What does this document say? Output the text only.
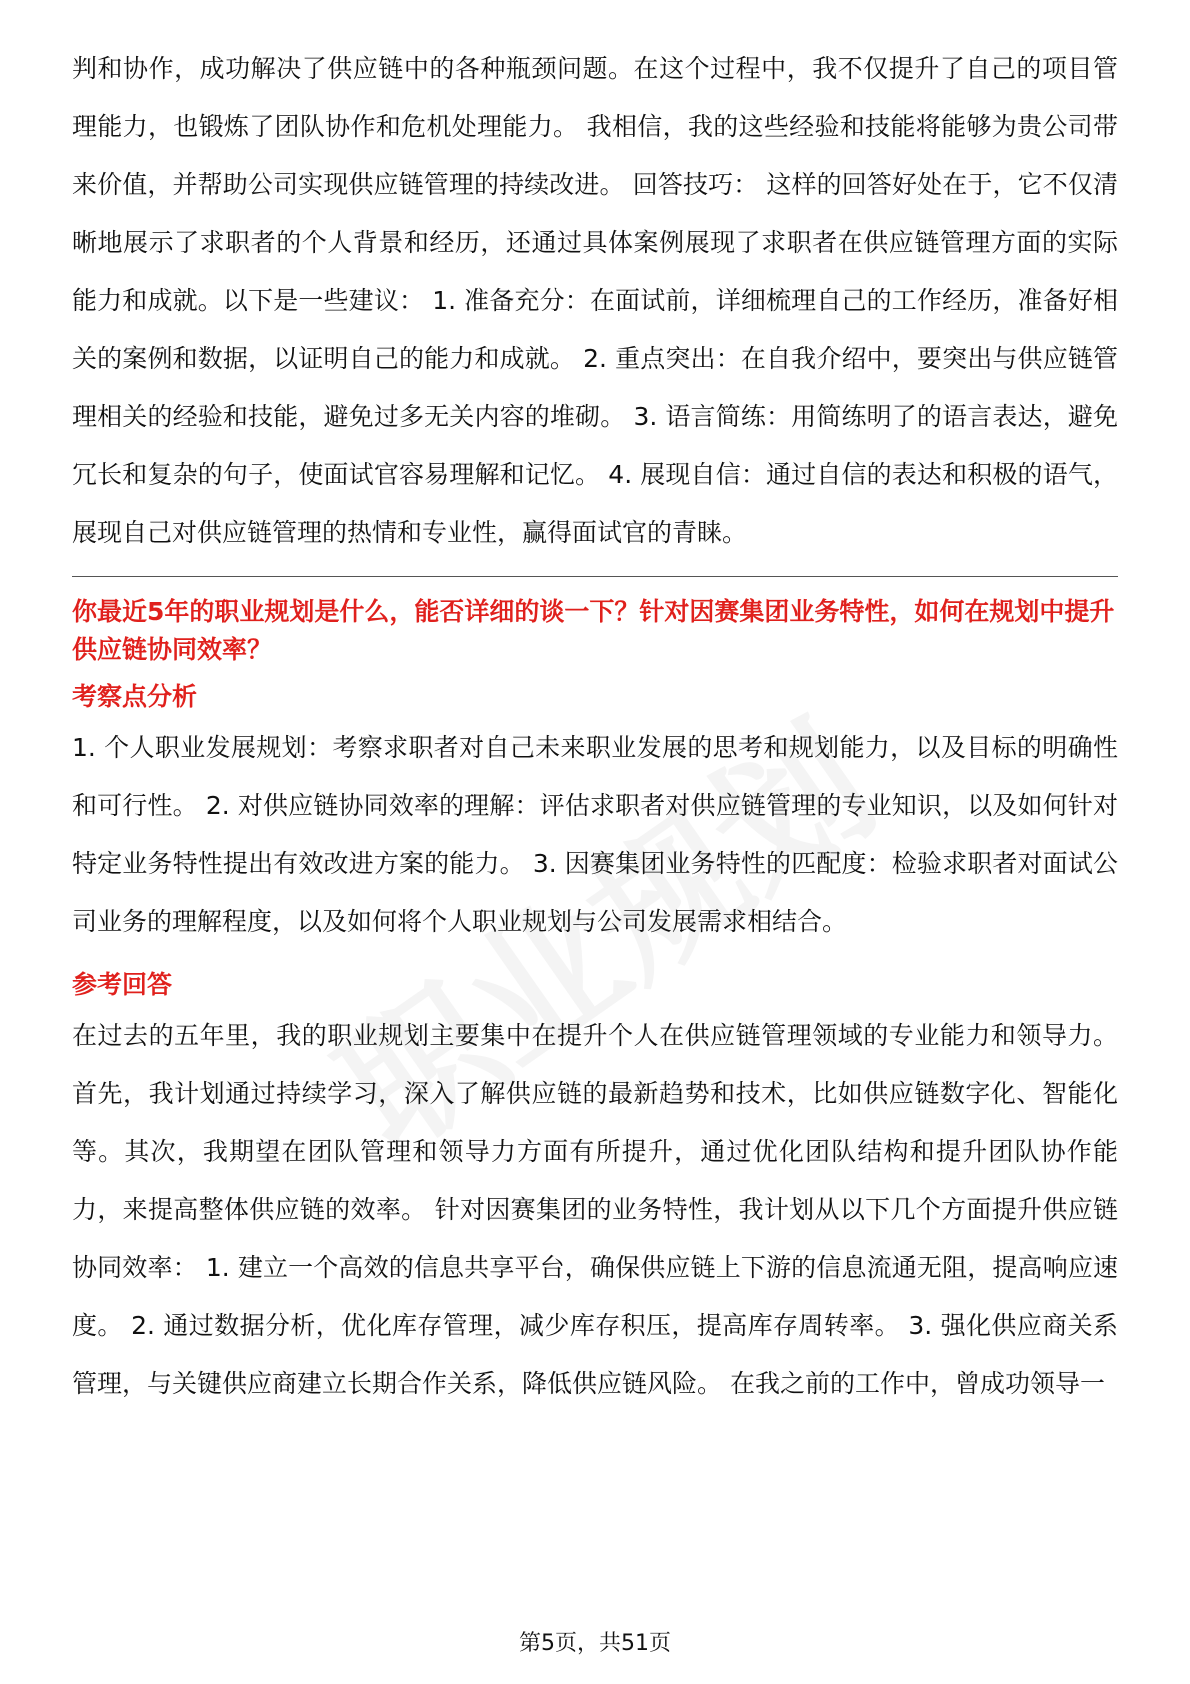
判和协作，成功解决了供应链中的各种瓶颈问题。在这个过程中，我不仅提升了自己的项目管理能力，也锻炼了团队协作和危机处理能力。 我相信，我的这些经验和技能将能够为贵公司带来价值，并帮助公司实现供应链管理的持续改进。 回答技巧： 这样的回答好处在于，它不仅清晰地展示了求职者的个人背景和经历，还通过具体案例展现了求职者在供应链管理方面的实际能力和成就。以下是一些建议： 1. 准备充分：在面试前，详细梳理自己的工作经历，准备好相关的案例和数据，以证明自己的能力和成就。 2. 重点突出：在自我介绍中，要突出与供应链管理相关的经验和技能，避免过多无关内容的堆砌。 3. 语言简练：用简练明了的语言表达，避免冗长和复杂的句子，使面试官容易理解和记忆。 4. 展现自信：通过自信的表达和积极的语气，展现自己对供应链管理的热情和专业性，赢得面试官的青睐。

你最近5年的职业规划是什么，能否详细的谈一下？针对因赛集团业务特性，如何在规划中提升供应链协同效率？

考察点分析

1. 个人职业发展规划：考察求职者对自己未来职业发展的思考和规划能力，以及目标的明确性和可行性。 2. 对供应链协同效率的理解：评估求职者对供应链管理的专业知识，以及如何针对特定业务特性提出有效改进方案的能力。 3. 因赛集团业务特性的匹配度：检验求职者对面试公司业务的理解程度，以及如何将个人职业规划与公司发展需求相结合。

参考回答

在过去的五年里，我的职业规划主要集中在提升个人在供应链管理领域的专业能力和领导力。首先，我计划通过持续学习，深入了解供应链的最新趋势和技术，比如供应链数字化、智能化等。其次，我期望在团队管理和领导力方面有所提升，通过优化团队结构和提升团队协作能力，来提高整体供应链的效率。 针对因赛集团的业务特性，我计划从以下几个方面提升供应链协同效率： 1. 建立一个高效的信息共享平台，确保供应链上下游的信息流通无阻，提高响应速度。 2. 通过数据分析，优化库存管理，减少库存积压，提高库存周转率。 3. 强化供应商关系管理，与关键供应商建立长期合作关系，降低供应链风险。 在我之前的工作中，曾成功领导一

第5页，共51页
